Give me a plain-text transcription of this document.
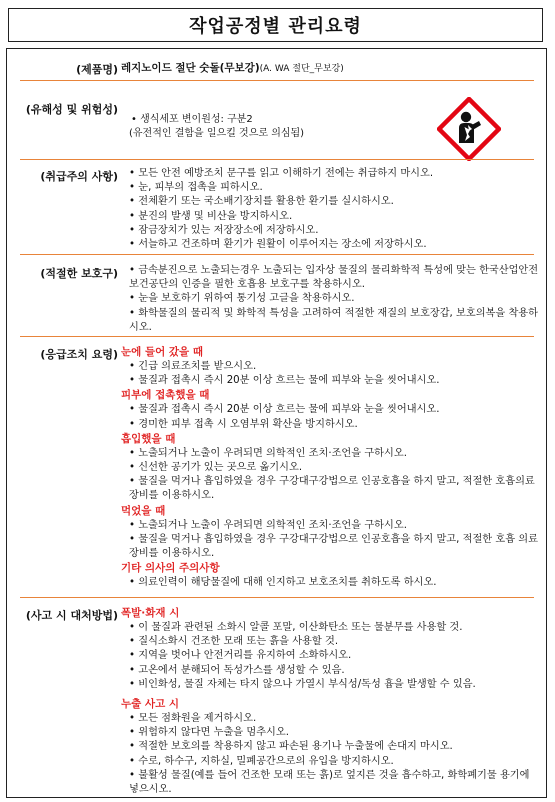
작업공정별 관리요령
(제품명) 레지노이드 절단 숫돌(무보강)(A. WA 절단_무보강)
(유해성 및 위험성)
• 생식세포 변이원성: 구분2
(유전적인 결함을 일으킬 것으로 의심됨)
(취급주의 사항)	• 모든 안전 예방조치 문구를 읽고 이해하기 전에는 취급하지 마시오.
• 눈, 피부의 접촉을 피하시오.
• 전체환기 또는 국소배기장치를 활용한 환기를 실시하시오.
• 분진의 발생 및 비산을 방지하시오.
• 잠금장치가 있는 저장장소에 저장하시오.
• 서늘하고 건조하며 환기가 원활이 이루어지는 장소에 저장하시오.
(적절한 보호구)	• 금속분진으로 노출되는경우 노출되는 입자상 물질의 물리화학적 특성에 맞는 한국산업안전보건공단의 인증을 필한 호흡용 보호구를 착용하시오.
• 눈을 보호하기 위하여 통기성 고글을 착용하시오.
• 화학물질의 물리적 및 화학적 특성을 고려하여 적절한 재질의 보호장갑, 보호의복을 착용하시오.
(응급조치 요령) 눈에 들어 갔을 때
• 긴급 의료조치를 받으시오.
• 물질과 접촉시 즉시 20분 이상 흐르는 물에 피부와 눈을 씻어내시오.
피부에 접촉했을 때
• 물질과 접촉시 즉시 20분 이상 흐르는 물에 피부와 눈을 씻어내시오.
• 경미한 피부 접촉 시 오염부위 확산을 방지하시오.
흡입했을 때
• 노출되거나 노출이 우려되면 의학적인 조치·조언을 구하시오.
• 신선한 공기가 있는 곳으로 옮기시오.
• 물질을 먹거나 흡입하였을 경우 구강대구강법으로 인공호흡을 하지 말고, 적절한 호흡의료장비를 이용하시오.
먹었을 때
• 노출되거나 노출이 우려되면 의학적인 조치·조언을 구하시오.
• 물질을 먹거나 흡입하였을 경우 구강대구강법으로 인공호흡을 하지 말고, 적절한 호흡 의료장비를 이용하시오.
기타 의사의 주의사항
• 의료인력이 해당물질에 대해 인지하고 보호조치를 취하도록 하시오.
(사고 시 대처방법) 폭발·화재 시
• 이 물질과 관련된 소화시 알콜 포말, 이산화탄소 또는 물분무를 사용할 것.
• 질식소화시 건조한 모래 또는 흙을 사용할 것.
• 지역을 벗어나 안전거리를 유지하여 소화하시오.
• 고온에서 분해되어 독성가스를 생성할 수 있음.
• 비인화성, 물질 자체는 타지 않으나 가열시 부식성/독성 흄을 발생할 수 있음.
누출 사고 시
• 모든 점화원을 제거하시오.
• 위험하지 않다면 누출을 멈추시오.
• 적절한 보호의를 착용하지 않고 파손된 용기나 누출물에 손대지 마시오.
• 수로, 하수구, 지하실, 밀폐공간으로의 유입을 방지하시오.
• 불활성 물질(예를 들어 건조한 모래 또는 흙)로 엎지른 것을 흡수하고, 화학폐기물 용기에 넣으시오.
